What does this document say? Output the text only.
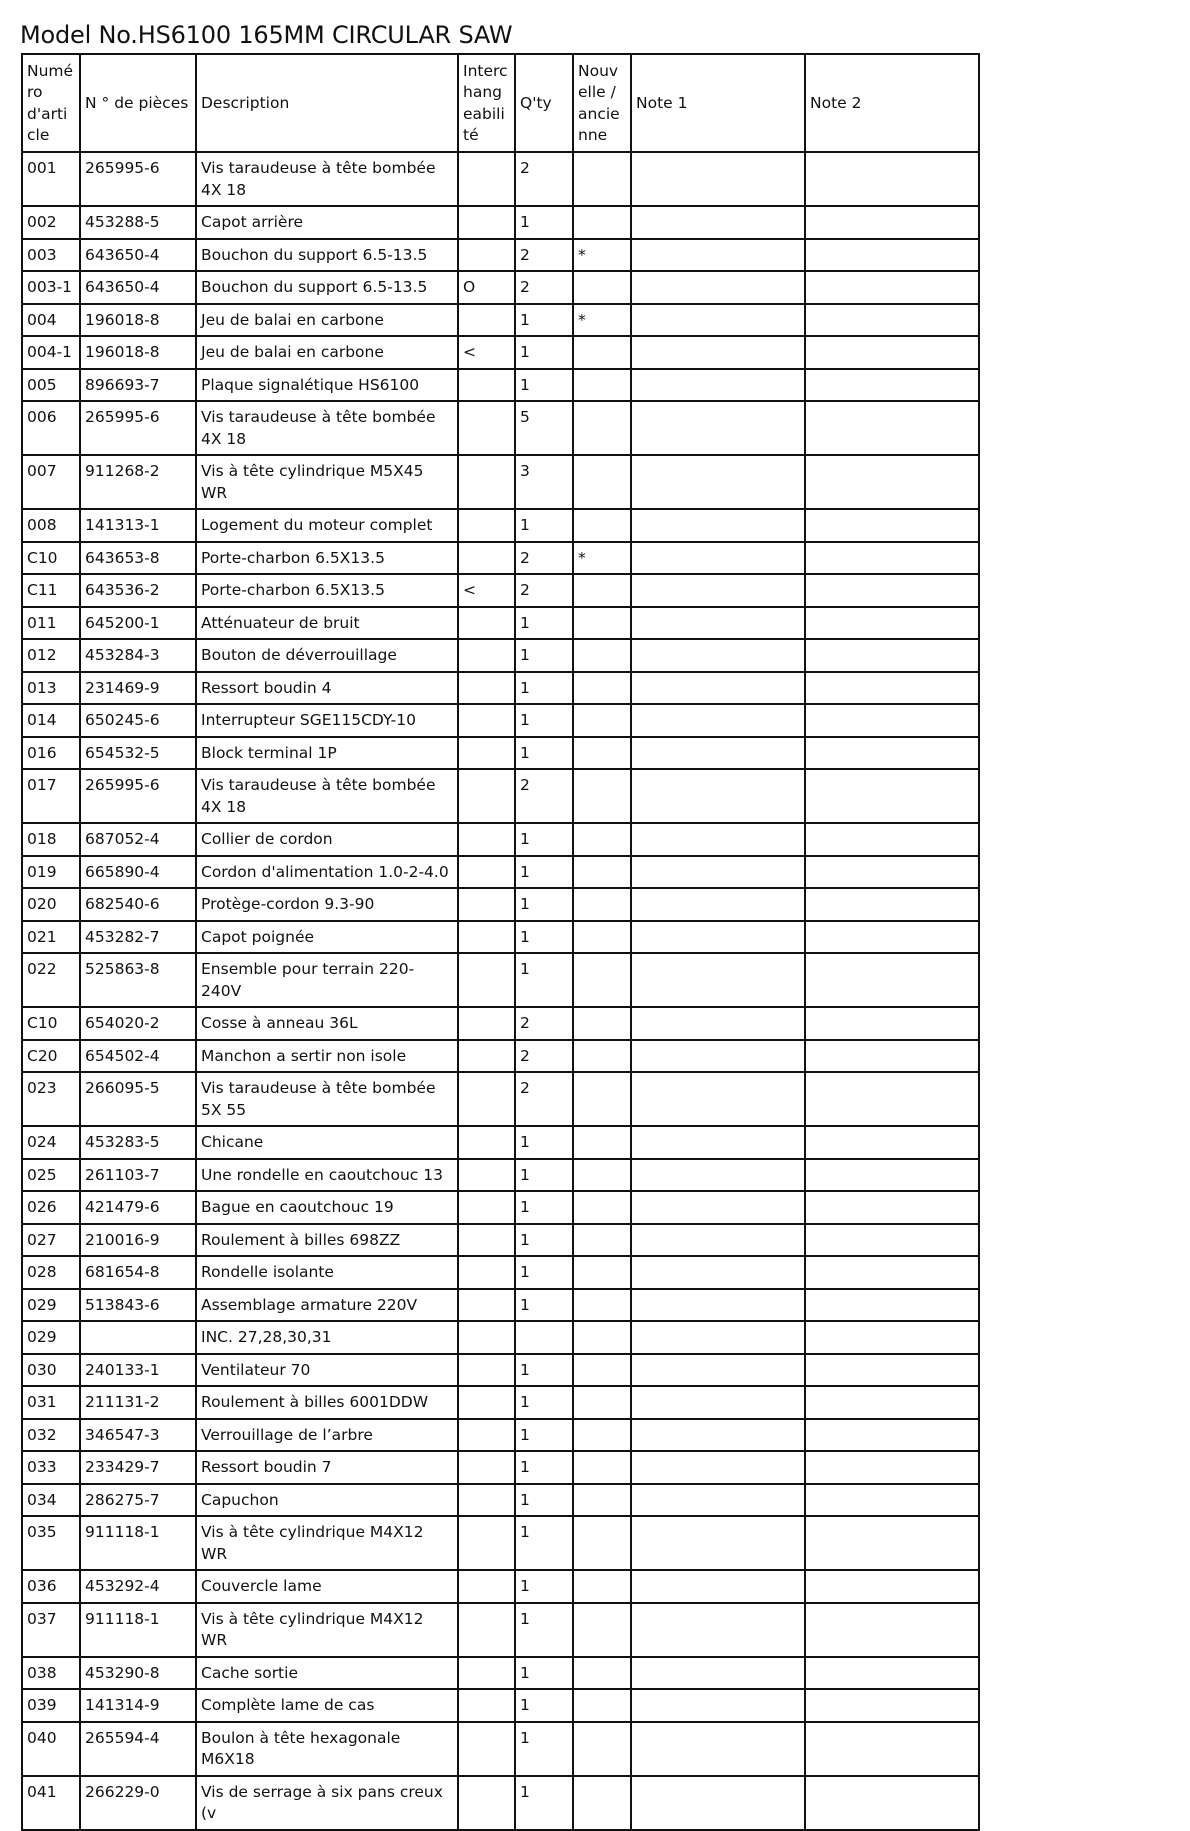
Model No.HS6100 165MM CIRCULAR SAW
Numéro d'article	N ° de pièces	Description	Interchangeabilité	Q'ty	Nouvelle / ancienne	Note 1	Note 2
001	265995-6	Vis taraudeuse à tête bombée 4X 18		2			
002	453288-5	Capot arrière		1			
003	643650-4	Bouchon du support 6.5-13.5		2	*		
003-1	643650-4	Bouchon du support 6.5-13.5	O	2			
004	196018-8	Jeu de balai en carbone		1	*		
004-1	196018-8	Jeu de balai en carbone	<	1			
005	896693-7	Plaque signalétique HS6100		1			
006	265995-6	Vis taraudeuse à tête bombée 4X 18		5			
007	911268-2	Vis à tête cylindrique M5X45 WR		3			
008	141313-1	Logement du moteur complet		1			
C10	643653-8	Porte-charbon 6.5X13.5		2	*		
C11	643536-2	Porte-charbon 6.5X13.5	<	2			
011	645200-1	Atténuateur de bruit		1			
012	453284-3	Bouton de déverrouillage		1			
013	231469-9	Ressort boudin 4		1			
014	650245-6	Interrupteur SGE115CDY-10		1			
016	654532-5	Block terminal 1P		1			
017	265995-6	Vis taraudeuse à tête bombée 4X 18		2			
018	687052-4	Collier de cordon		1			
019	665890-4	Cordon d'alimentation 1.0-2-4.0		1			
020	682540-6	Protège-cordon 9.3-90		1			
021	453282-7	Capot poignée		1			
022	525863-8	Ensemble pour terrain 220-240V		1			
C10	654020-2	Cosse à anneau 36L		2			
C20	654502-4	Manchon a sertir non isole		2			
023	266095-5	Vis taraudeuse à tête bombée 5X 55		2			
024	453283-5	Chicane		1			
025	261103-7	Une rondelle en caoutchouc 13		1			
026	421479-6	Bague en caoutchouc 19		1			
027	210016-9	Roulement à billes 698ZZ		1			
028	681654-8	Rondelle isolante		1			
029	513843-6	Assemblage armature 220V		1			
029		INC. 27,28,30,31					
030	240133-1	Ventilateur 70		1			
031	211131-2	Roulement à billes 6001DDW		1			
032	346547-3	Verrouillage de l’arbre		1			
033	233429-7	Ressort boudin 7		1			
034	286275-7	Capuchon		1			
035	911118-1	Vis à tête cylindrique M4X12 WR		1			
036	453292-4	Couvercle lame		1			
037	911118-1	Vis à tête cylindrique M4X12 WR		1			
038	453290-8	Cache sortie		1			
039	141314-9	Complète lame de cas		1			
040	265594-4	Boulon à tête hexagonale M6X18		1			
041	266229-0	Vis de serrage à six pans creux (v		1			
